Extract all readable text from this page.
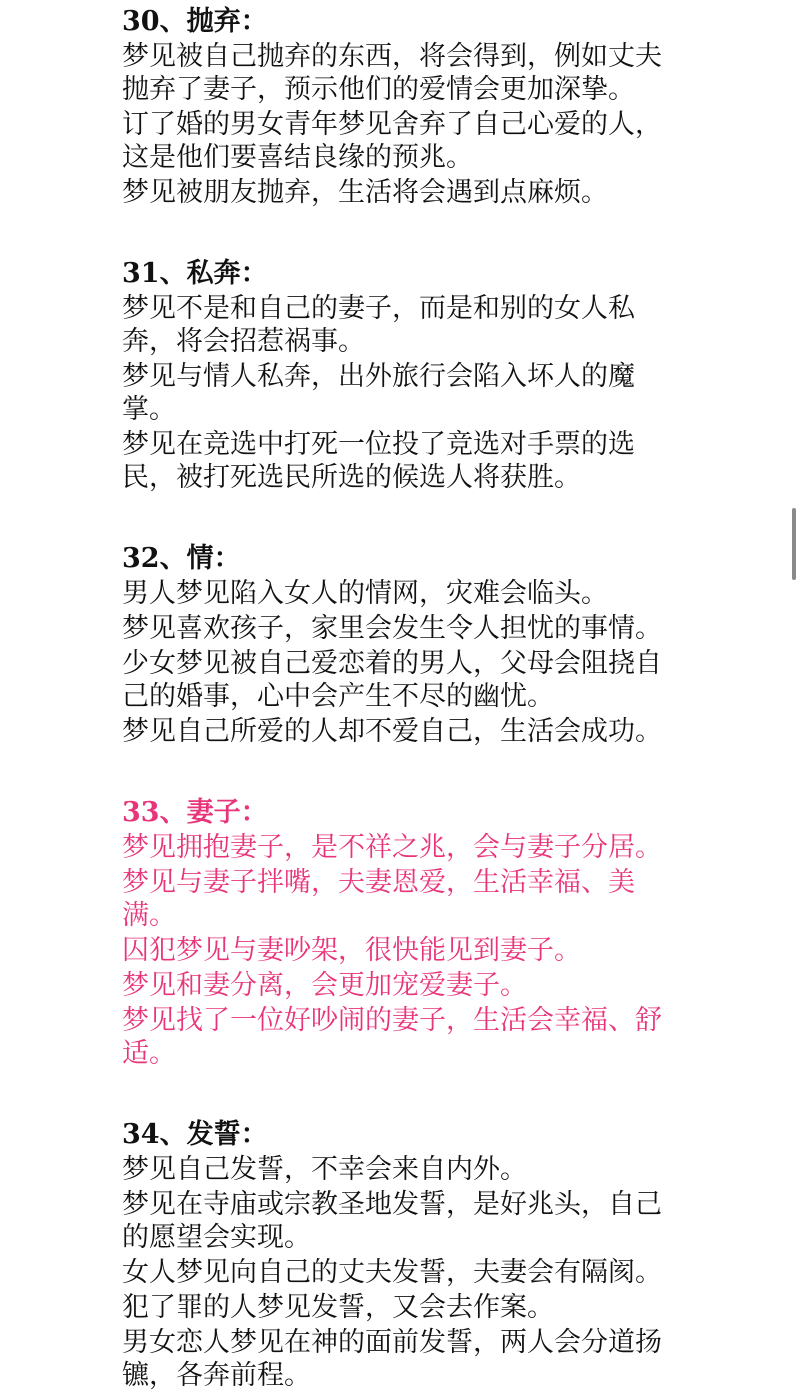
30、抛弃：

梦见被自己抛弃的东西，将会得到，例如丈夫抛弃了妻子，预示他们的爱情会更加深挚。

订了婚的男女青年梦见舍弃了自己心爱的人，这是他们要喜结良缘的预兆。

梦见被朋友抛弃，生活将会遇到点麻烦。

31、私奔：

梦见不是和自己的妻子，而是和别的女人私奔，将会招惹祸事。

梦见与情人私奔，出外旅行会陷入坏人的魔掌。

梦见在竞选中打死一位投了竞选对手票的选民，被打死选民所选的候选人将获胜。

32、情：

男人梦见陷入女人的情网，灾难会临头。

梦见喜欢孩子，家里会发生令人担忧的事情。

少女梦见被自己爱恋着的男人，父母会阻挠自己的婚事，心中会产生不尽的幽忧。

梦见自己所爱的人却不爱自己，生活会成功。

33、妻子：

梦见拥抱妻子，是不祥之兆，会与妻子分居。

梦见与妻子拌嘴，夫妻恩爱，生活幸福、美满。

囚犯梦见与妻吵架，很快能见到妻子。

梦见和妻分离，会更加宠爱妻子。

梦见找了一位好吵闹的妻子，生活会幸福、舒适。

34、发誓：

梦见自己发誓，不幸会来自内外。

梦见在寺庙或宗教圣地发誓，是好兆头，自己的愿望会实现。

女人梦见向自己的丈夫发誓，夫妻会有隔阂。

犯了罪的人梦见发誓，又会去作案。

男女恋人梦见在神的面前发誓，两人会分道扬镳，各奔前程。
